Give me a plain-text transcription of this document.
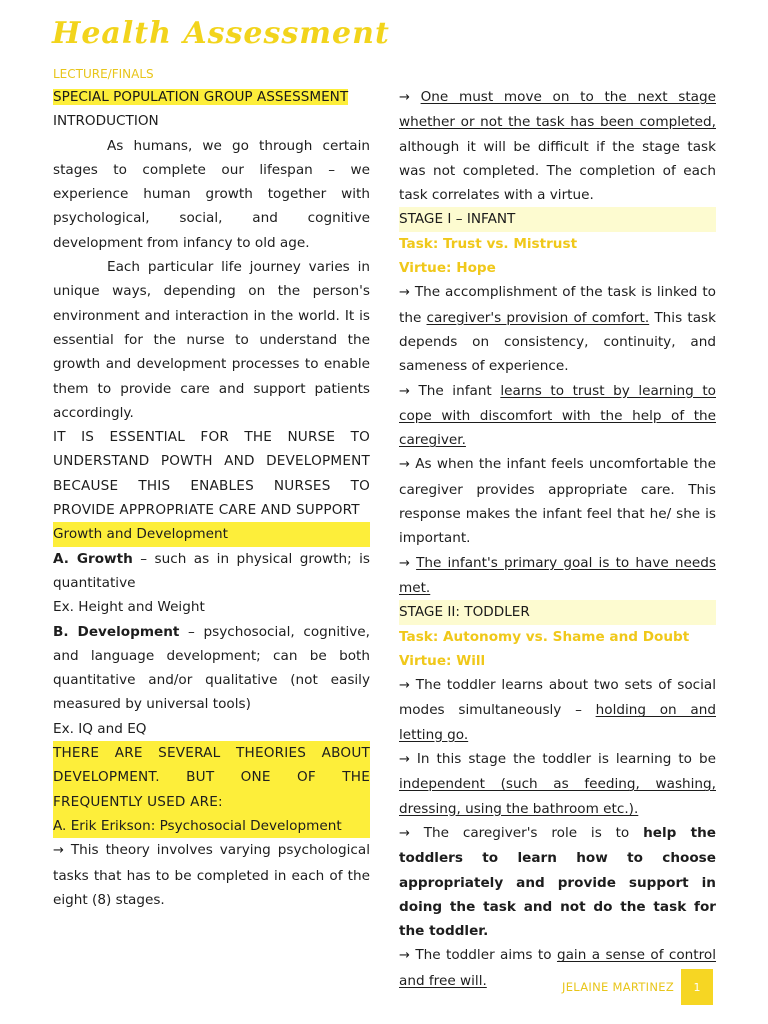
Health Assessment
LECTURE/FINALS
SPECIAL POPULATION GROUP ASSESSMENT
INTRODUCTION

As humans, we go through certain stages to complete our lifespan – we experience human growth together with psychological, social, and cognitive development from infancy to old age.

Each particular life journey varies in unique ways, depending on the person's environment and interaction in the world. It is essential for the nurse to understand the growth and development processes to enable them to provide care and support patients accordingly.

IT IS ESSENTIAL FOR THE NURSE TO UNDERSTAND POWTH AND DEVELOPMENT BECAUSE THIS ENABLES NURSES TO PROVIDE APPROPRIATE CARE AND SUPPORT

Growth and Development

A. Growth – such as in physical growth; is quantitative

Ex. Height and Weight

B. Development – psychosocial, cognitive, and language development; can be both quantitative and/or qualitative (not easily measured by universal tools)

Ex. IQ and EQ

THERE ARE SEVERAL THEORIES ABOUT DEVELOPMENT. BUT ONE OF THE FREQUENTLY USED ARE:

A. Erik Erikson: Psychosocial Development

→ This theory involves varying psychological tasks that has to be completed in each of the eight (8) stages.

→ One must move on to the next stage whether or not the task has been completed, although it will be difficult if the stage task was not completed. The completion of each task correlates with a virtue.

STAGE I – INFANT
Task: Trust vs. Mistrust
Virtue: Hope

→ The accomplishment of the task is linked to the caregiver's provision of comfort. This task depends on consistency, continuity, and sameness of experience.

→ The infant learns to trust by learning to cope with discomfort with the help of the caregiver.

→ As when the infant feels uncomfortable the caregiver provides appropriate care. This response makes the infant feel that he/ she is important.

→ The infant's primary goal is to have needs met.

STAGE II: TODDLER
Task: Autonomy vs. Shame and Doubt
Virtue: Will

→ The toddler learns about two sets of social modes simultaneously – holding on and letting go.

→ In this stage the toddler is learning to be independent (such as feeding, washing, dressing, using the bathroom etc.).

→ The caregiver's role is to help the toddlers to learn how to choose appropriately and provide support in doing the task and not do the task for the toddler.

→ The toddler aims to gain a sense of control and free will.	JELAINE MARTINEZ	1
